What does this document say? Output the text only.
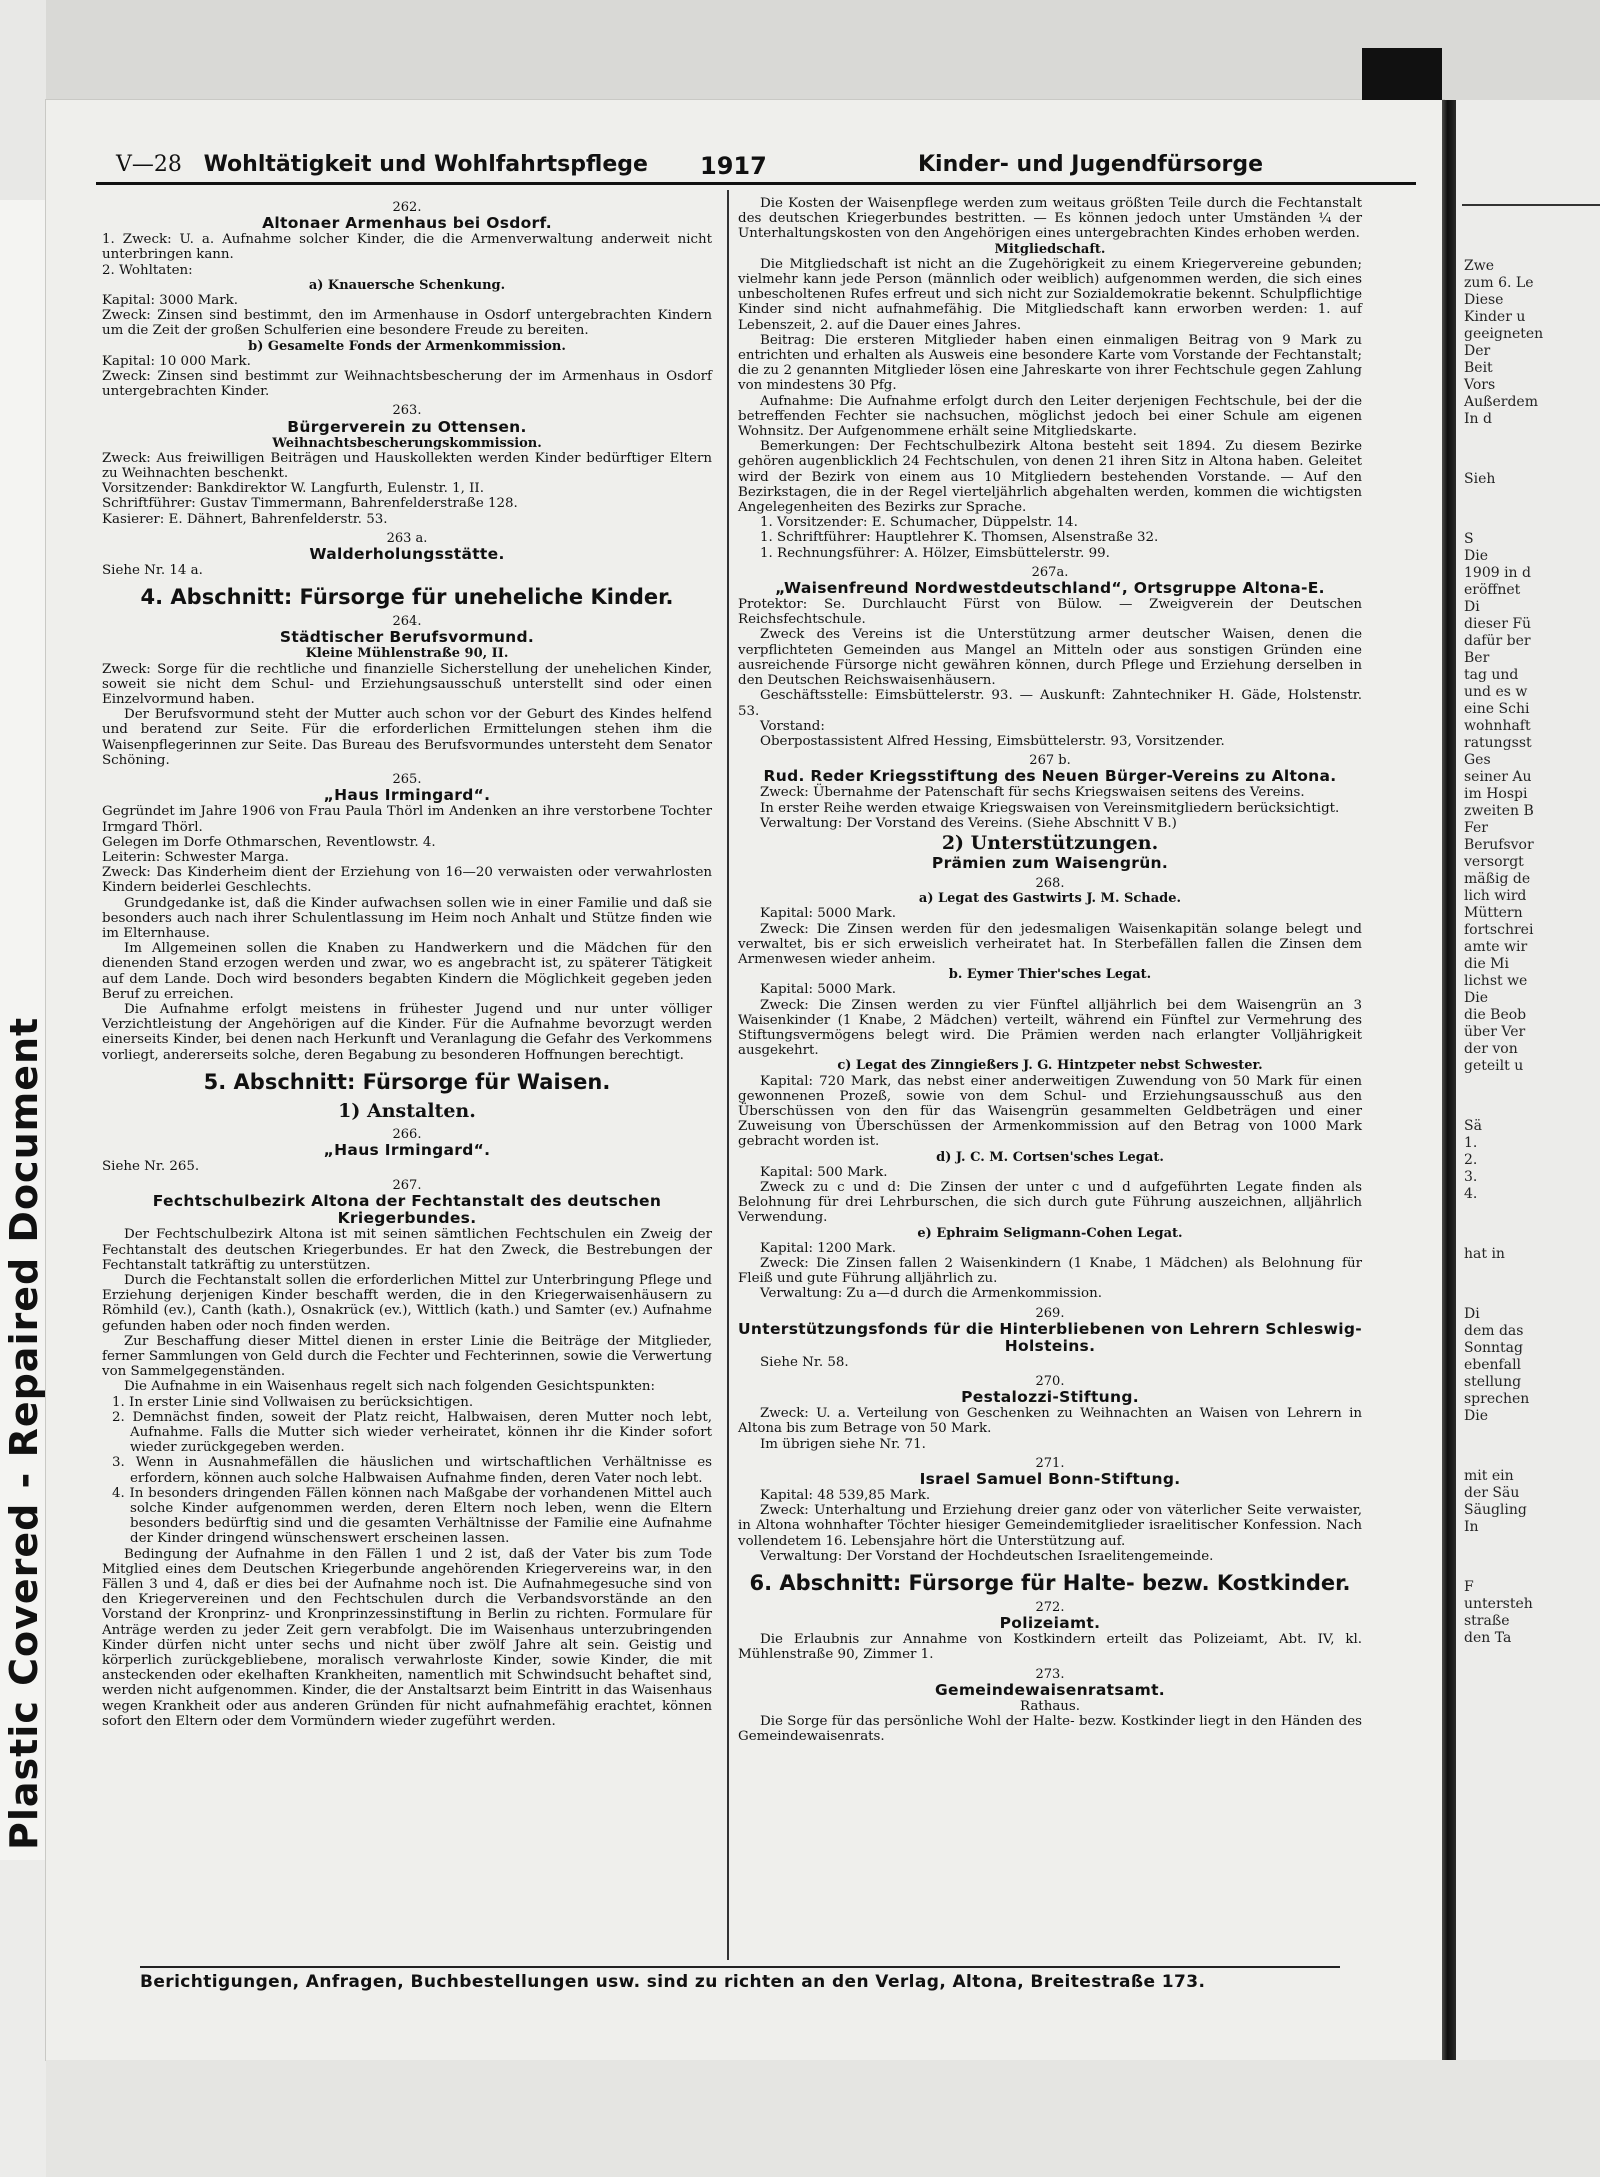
Plastic Covered - Repaired Document
Zwe
zum 6. Le
Diese
Kinder u
geeigneten
Der
Beit
Vors
Außerdem
In d
Sieh
S
Die
1909 in d
eröffnet
Di
dieser Fü
dafür ber
Ber
tag und
und es w
eine Schi
wohnhaft
ratungsst
Ges
seiner Au
im Hospi
zweiten B
Fer
Berufsvor
versorgt
mäßig de
lich wird
Müttern
fortschrei
amte wir
die Mi
lichst we
Die
die Beob
über Ver
der von
geteilt u
Sä
1.
2.
3.
4.
hat in
Di
dem das
Sonntag
ebenfall
stellung
sprechen
Die
mit ein
der Säu
Säugling
In
F
untersteh
straße
den Ta
V—28 Wohltätigkeit und Wohlfahrtspflege 1917	Kinder- und Jugendfürsorge

262.

Altonaer Armenhaus bei Osdorf.

1. Zweck: U. a. Aufnahme solcher Kinder, die die Armenverwaltung anderweit nicht unterbringen kann.

2. Wohltaten:

a) Knauersche Schenkung.

Kapital: 3000 Mark.

Zweck: Zinsen sind bestimmt, den im Armenhause in Osdorf untergebrachten Kindern um die Zeit der großen Schulferien eine besondere Freude zu bereiten.

b) Gesamelte Fonds der Armenkommission.

Kapital: 10 000 Mark.

Zweck: Zinsen sind bestimmt zur Weihnachtsbescherung der im Armenhaus in Osdorf untergebrachten Kinder.

263.

Bürgerverein zu Ottensen.

Weihnachtsbescherungskommission.

Zweck: Aus freiwilligen Beiträgen und Hauskollekten werden Kinder bedürftiger Eltern zu Weihnachten beschenkt.

Vorsitzender: Bankdirektor W. Langfurth, Eulenstr. 1, II.

Schriftführer: Gustav Timmermann, Bahrenfelderstraße 128.

Kasierer: E. Dähnert, Bahrenfelderstr. 53.

263 a.

Walderholungsstätte.

Siehe Nr. 14 a.

4. Abschnitt: Fürsorge für uneheliche Kinder.

264.

Städtischer Berufsvormund.

Kleine Mühlenstraße 90, II.

Zweck: Sorge für die rechtliche und finanzielle Sicherstellung der unehelichen Kinder, soweit sie nicht dem Schul- und Erziehungsausschuß unterstellt sind oder einen Einzelvormund haben.

Der Berufsvormund steht der Mutter auch schon vor der Geburt des Kindes helfend und beratend zur Seite. Für die erforderlichen Ermittelungen stehen ihm die Waisenpflegerinnen zur Seite. Das Bureau des Berufsvormundes untersteht dem Senator Schöning.

265.

„Haus Irmingard“.

Gegründet im Jahre 1906 von Frau Paula Thörl im Andenken an ihre verstorbene Tochter Irmgard Thörl.

Gelegen im Dorfe Othmarschen, Reventlowstr. 4.

Leiterin: Schwester Marga.

Zweck: Das Kinderheim dient der Erziehung von 16—20 verwaisten oder verwahrlosten Kindern beiderlei Geschlechts.

Grundgedanke ist, daß die Kinder aufwachsen sollen wie in einer Familie und daß sie besonders auch nach ihrer Schulentlassung im Heim noch Anhalt und Stütze finden wie im Elternhause.

Im Allgemeinen sollen die Knaben zu Handwerkern und die Mädchen für den dienenden Stand erzogen werden und zwar, wo es angebracht ist, zu späterer Tätigkeit auf dem Lande. Doch wird besonders begabten Kindern die Möglichkeit gegeben jeden Beruf zu erreichen.

Die Aufnahme erfolgt meistens in frühester Jugend und nur unter völliger Verzichtleistung der Angehörigen auf die Kinder. Für die Aufnahme bevorzugt werden einerseits Kinder, bei denen nach Herkunft und Veranlagung die Gefahr des Verkommens vorliegt, andererseits solche, deren Begabung zu besonderen Hoffnungen berechtigt.

5. Abschnitt: Fürsorge für Waisen.

1) Anstalten.

266.

„Haus Irmingard“.

Siehe Nr. 265.

267.

Fechtschulbezirk Altona der Fechtanstalt des deutschen Kriegerbundes.

Der Fechtschulbezirk Altona ist mit seinen sämtlichen Fechtschulen ein Zweig der Fechtanstalt des deutschen Kriegerbundes. Er hat den Zweck, die Bestrebungen der Fechtanstalt tatkräftig zu unterstützen.

Durch die Fechtanstalt sollen die erforderlichen Mittel zur Unterbringung Pflege und Erziehung derjenigen Kinder beschafft werden, die in den Kriegerwaisenhäusern zu Römhild (ev.), Canth (kath.), Osnakrück (ev.), Wittlich (kath.) und Samter (ev.) Aufnahme gefunden haben oder noch finden werden.

Zur Beschaffung dieser Mittel dienen in erster Linie die Beiträge der Mitglieder, ferner Sammlungen von Geld durch die Fechter und Fechterinnen, sowie die Verwertung von Sammelgegenständen.

Die Aufnahme in ein Waisenhaus regelt sich nach folgenden Gesichtspunkten:

1. In erster Linie sind Vollwaisen zu berücksichtigen.

2. Demnächst finden, soweit der Platz reicht, Halbwaisen, deren Mutter noch lebt, Aufnahme. Falls die Mutter sich wieder verheiratet, können ihr die Kinder sofort wieder zurückgegeben werden.

3. Wenn in Ausnahmefällen die häuslichen und wirtschaftlichen Verhältnisse es erfordern, können auch solche Halbwaisen Aufnahme finden, deren Vater noch lebt.

4. In besonders dringenden Fällen können nach Maßgabe der vorhandenen Mittel auch solche Kinder aufgenommen werden, deren Eltern noch leben, wenn die Eltern besonders bedürftig sind und die gesamten Verhältnisse der Familie eine Aufnahme der Kinder dringend wünschenswert erscheinen lassen.

Bedingung der Aufnahme in den Fällen 1 und 2 ist, daß der Vater bis zum Tode Mitglied eines dem Deutschen Kriegerbunde angehörenden Kriegervereins war, in den Fällen 3 und 4, daß er dies bei der Aufnahme noch ist. Die Aufnahmegesuche sind von den Kriegervereinen und den Fechtschulen durch die Verbandsvorstände an den Vorstand der Kronprinz- und Kronprinzessinstiftung in Berlin zu richten. Formulare für Anträge werden zu jeder Zeit gern verabfolgt. Die im Waisenhaus unterzubringenden Kinder dürfen nicht unter sechs und nicht über zwölf Jahre alt sein. Geistig und körperlich zurückgebliebene, moralisch verwahrloste Kinder, sowie Kinder, die mit ansteckenden oder ekelhaften Krankheiten, namentlich mit Schwindsucht behaftet sind, werden nicht aufgenommen. Kinder, die der Anstaltsarzt beim Eintritt in das Waisenhaus wegen Krankheit oder aus anderen Gründen für nicht aufnahmefähig erachtet, können sofort den Eltern oder dem Vormündern wieder zugeführt werden.

Die Kosten der Waisenpflege werden zum weitaus größten Teile durch die Fechtanstalt des deutschen Kriegerbundes bestritten. — Es können jedoch unter Umständen ¼ der Unterhaltungskosten von den Angehörigen eines untergebrachten Kindes erhoben werden.

Mitgliedschaft.

Die Mitgliedschaft ist nicht an die Zugehörigkeit zu einem Kriegervereine gebunden; vielmehr kann jede Person (männlich oder weiblich) aufgenommen werden, die sich eines unbescholtenen Rufes erfreut und sich nicht zur Sozialdemokratie bekennt. Schulpflichtige Kinder sind nicht aufnahmefähig. Die Mitgliedschaft kann erworben werden: 1. auf Lebenszeit, 2. auf die Dauer eines Jahres.

Beitrag: Die ersteren Mitglieder haben einen einmaligen Beitrag von 9 Mark zu entrichten und erhalten als Ausweis eine besondere Karte vom Vorstande der Fechtanstalt; die zu 2 genannten Mitglieder lösen eine Jahreskarte von ihrer Fechtschule gegen Zahlung von mindestens 30 Pfg.

Aufnahme: Die Aufnahme erfolgt durch den Leiter derjenigen Fechtschule, bei der die betreffenden Fechter sie nachsuchen, möglichst jedoch bei einer Schule am eigenen Wohnsitz. Der Aufgenommene erhält seine Mitgliedskarte.

Bemerkungen: Der Fechtschulbezirk Altona besteht seit 1894. Zu diesem Bezirke gehören augenblicklich 24 Fechtschulen, von denen 21 ihren Sitz in Altona haben. Geleitet wird der Bezirk von einem aus 10 Mitgliedern bestehenden Vorstande. — Auf den Bezirkstagen, die in der Regel vierteljährlich abgehalten werden, kommen die wichtigsten Angelegenheiten des Bezirks zur Sprache.

1. Vorsitzender: E. Schumacher, Düppelstr. 14.

1. Schriftführer: Hauptlehrer K. Thomsen, Alsenstraße 32.

1. Rechnungsführer: A. Hölzer, Eimsbüttelerstr. 99.

267a.

„Waisenfreund Nordwestdeutschland“, Ortsgruppe Altona-E.

Protektor: Se. Durchlaucht Fürst von Bülow. — Zweigverein der Deutschen Reichsfechtschule.

Zweck des Vereins ist die Unterstützung armer deutscher Waisen, denen die verpflichteten Gemeinden aus Mangel an Mitteln oder aus sonstigen Gründen eine ausreichende Fürsorge nicht gewähren können, durch Pflege und Erziehung derselben in den Deutschen Reichswaisenhäusern.

Geschäftsstelle: Eimsbüttelerstr. 93. — Auskunft: Zahntechniker H. Gäde, Holstenstr. 53.

Vorstand:

Oberpostassistent Alfred Hessing, Eimsbüttelerstr. 93, Vorsitzender.

267 b.

Rud. Reder Kriegsstiftung des Neuen Bürger-Vereins zu Altona.

Zweck: Übernahme der Patenschaft für sechs Kriegswaisen seitens des Vereins.

In erster Reihe werden etwaige Kriegswaisen von Vereinsmitgliedern berücksichtigt.

Verwaltung: Der Vorstand des Vereins. (Siehe Abschnitt V B.)

2) Unterstützungen.

Prämien zum Waisengrün.

268.

a) Legat des Gastwirts J. M. Schade.

Kapital: 5000 Mark.

Zweck: Die Zinsen werden für den jedesmaligen Waisenkapitän solange belegt und verwaltet, bis er sich erweislich verheiratet hat. In Sterbefällen fallen die Zinsen dem Armenwesen wieder anheim.

b. Eymer Thier'sches Legat.

Kapital: 5000 Mark.

Zweck: Die Zinsen werden zu vier Fünftel alljährlich bei dem Waisengrün an 3 Waisenkinder (1 Knabe, 2 Mädchen) verteilt, während ein Fünftel zur Vermehrung des Stiftungsvermögens belegt wird. Die Prämien werden nach erlangter Volljährigkeit ausgekehrt.

c) Legat des Zinngießers J. G. Hintzpeter nebst Schwester.

Kapital: 720 Mark, das nebst einer anderweitigen Zuwendung von 50 Mark für einen gewonnenen Prozeß, sowie von dem Schul- und Erziehungsausschuß aus den Überschüssen von den für das Waisengrün gesammelten Geldbeträgen und einer Zuweisung von Überschüssen der Armenkommission auf den Betrag von 1000 Mark gebracht worden ist.

d) J. C. M. Cortsen'sches Legat.

Kapital: 500 Mark.

Zweck zu c und d: Die Zinsen der unter c und d aufgeführten Legate finden als Belohnung für drei Lehrburschen, die sich durch gute Führung auszeichnen, alljährlich Verwendung.

e) Ephraim Seligmann-Cohen Legat.

Kapital: 1200 Mark.

Zweck: Die Zinsen fallen 2 Waisenkindern (1 Knabe, 1 Mädchen) als Belohnung für Fleiß und gute Führung alljährlich zu.

Verwaltung: Zu a—d durch die Armenkommission.

269.

Unterstützungsfonds für die Hinterbliebenen von Lehrern Schleswig-Holsteins.

Siehe Nr. 58.

270.

Pestalozzi-Stiftung.

Zweck: U. a. Verteilung von Geschenken zu Weihnachten an Waisen von Lehrern in Altona bis zum Betrage von 50 Mark.

Im übrigen siehe Nr. 71.

271.

Israel Samuel Bonn-Stiftung.

Kapital: 48 539,85 Mark.

Zweck: Unterhaltung und Erziehung dreier ganz oder von väterlicher Seite verwaister, in Altona wohnhafter Töchter hiesiger Gemeindemitglieder israelitischer Konfession. Nach vollendetem 16. Lebensjahre hört die Unterstützung auf.

Verwaltung: Der Vorstand der Hochdeutschen Israelitengemeinde.

6. Abschnitt: Fürsorge für Halte- bezw. Kostkinder.

272.

Polizeiamt.

Die Erlaubnis zur Annahme von Kostkindern erteilt das Polizeiamt, Abt. IV, kl. Mühlenstraße 90, Zimmer 1.

273.

Gemeindewaisenratsamt.

Rathaus.

Die Sorge für das persönliche Wohl der Halte- bezw. Kostkinder liegt in den Händen des Gemeindewaisenrats.

Berichtigungen, Anfragen, Buchbestellungen usw. sind zu richten an den Verlag, Altona, Breitestraße 173.
